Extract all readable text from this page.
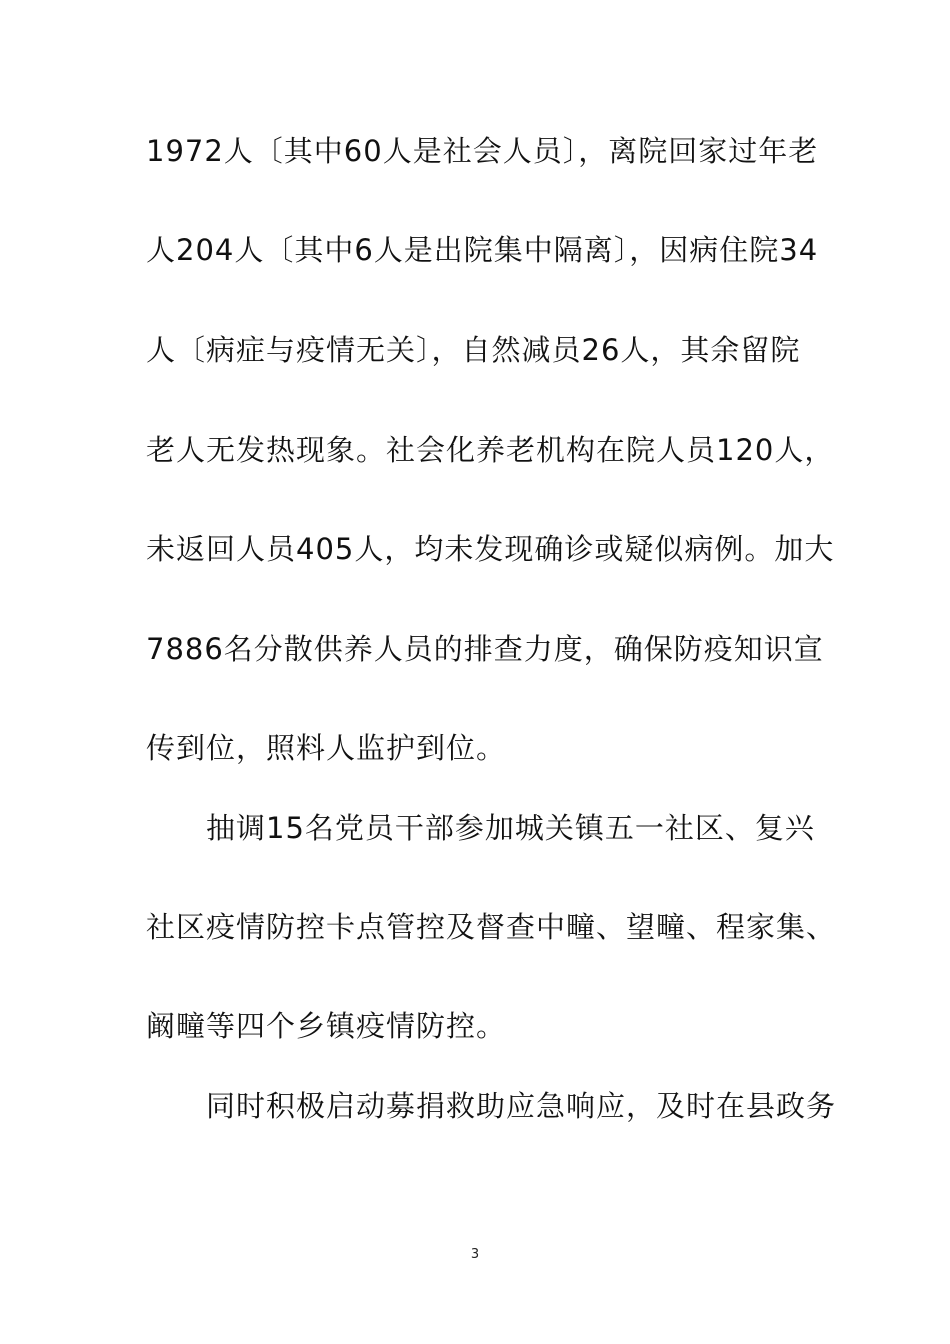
1972人〔其中60人是社会人员〕，离院回家过年老
人204人〔其中6人是出院集中隔离〕，因病住院34
人〔病症与疫情无关〕，自然减员26人，其余留院
老人无发热现象。社会化养老机构在院人员120人，
未返回人员405人，均未发现确诊或疑似病例。加大
7886名分散供养人员的排查力度，确保防疫知识宣
传到位，照料人监护到位。
抽调15名党员干部参加城关镇五一社区、复兴
社区疫情防控卡点管控及督查中疃、望疃、程家集、
阚疃等四个乡镇疫情防控。
同时积极启动募捐救助应急响应，及时在县政务
3
